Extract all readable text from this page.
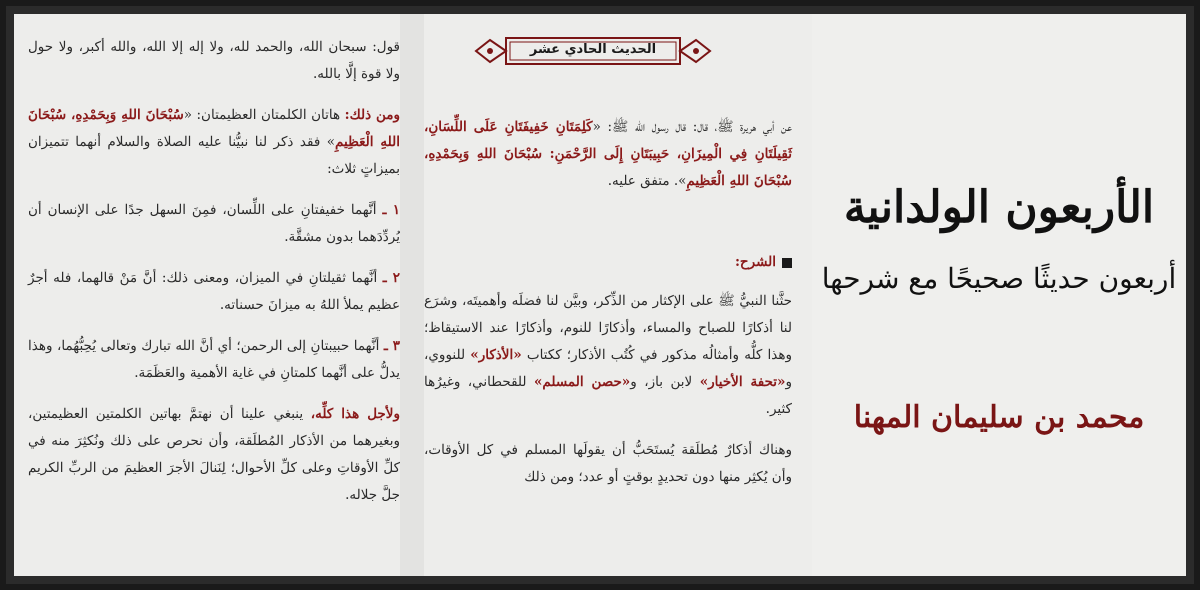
قول: سبحان الله، والحمد لله، ولا إله إلا الله، والله أكبر، ولا حول ولا قوة إلَّا بالله.

ومن ذلك: هاتان الكلمتان العظيمتان: «سُبْحَانَ اللهِ وَبِحَمْدِهِ، سُبْحَانَ اللهِ الْعَظِيمِ» فقد ذكر لنا نبيُّنا عليه الصلاة والسلام أنهما تتميزان بميزاتٍ ثلاث:

١ ـ أنَّهما خفيفتانِ على اللِّسان، فمِنَ السهل جدًا على الإنسان أن يُردِّدَهما بدون مشقَّة.

٢ ـ أنَّهما ثقيلتانِ في الميزان، ومعنى ذلك: أنَّ مَنْ قالهما، فله أجرٌ عظيم يملأ اللهُ به ميزانَ حسناته.

٣ ـ أنَّهما حبيبتانِ إلى الرحمن؛ أي أنَّ الله تبارك وتعالى يُحِبُّهُما، وهذا يدلُّ على أنَّهما كلمتانِ في غاية الأهمية والعَظَمَة.

ولأجل هذا كلِّه، ينبغي علينا أن نهتمَّ بهاتين الكلمتين العظيمتين، وبغيرهما من الأذكار المُطلَقة، وأن نحرص على ذلك ونُكثِرَ منه في كلِّ الأوقاتِ وعلى كلِّ الأحوال؛ لِنَنالَ الأجرَ العظيمَ من الربِّ الكريم جلَّ جلاله.

عن أبي هريرة ﷺ، قال: قال رسول الله ﷺ: «كَلِمَتَانِ خَفِيفَتَانِ عَلَى اللِّسَانِ، ثَقِيلَتَانِ فِي الْمِيزَانِ، حَبِيبَتَانِ إِلَى الرَّحْمَنِ: سُبْحَانَ اللهِ وَبِحَمْدِهِ، سُبْحَانَ اللهِ الْعَظِيمِ». متفق عليه.

الشرح:

حثَّنا النبيُّ ﷺ على الإكثار من الذِّكر، وبيَّن لنا فضلَه وأهميتَه، وشرَع لنا أذكارًا للصباح والمساء، وأذكارًا للنوم، وأذكارًا عند الاستيقاظ؛ وهذا كلُّه وأمثالُه مذكور في كُتُب الأذكار؛ ككتاب «الأذكار» للنووي، و«تحفة الأخيار» لابن باز، و«حصن المسلم» للقحطاني، وغيرُها كثير.

وهناك أذكارٌ مُطلَقة يُستَحَبُّ أن يقولَها المسلم في كل الأوقات، وأن يُكثِر منها دون تحديدٍ بوقتٍ أو عدد؛ ومن ذلك

الحديث الحادي عشر
الأربعون الولدانية
أربعون حديثًا صحيحًا مع شرحها
محمد بن سليمان المهنا
